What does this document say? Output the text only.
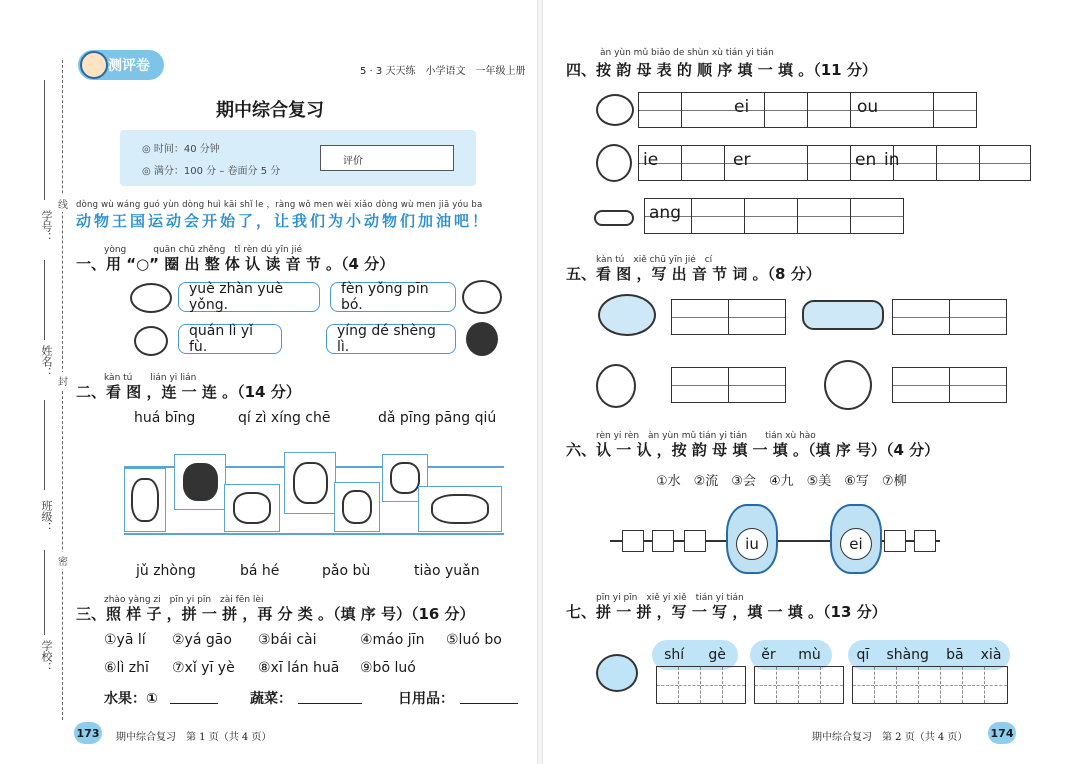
学号：
姓名：
班级：
学校：
线
封
密
测评卷	5 · 3 天天练　小学语文　一年级上册
期中综合复习
◎ 时间：40 分钟
◎ 满分：100 分 – 卷面分 5 分
评价
dòng wù wáng guó yùn dòng huì kāi shǐ le ，ràng wǒ men wèi xiǎo dòng wù men jiā yóu ba
动物王国运动会开始了，让我们为小动物们加油吧！
yòng　　　quān chū zhěng　tǐ rèn dú yīn jié
一、用 “○” 圈 出 整 体 认 读 音 节 。（4 分）
yuè zhàn yuè yǒng.
fèn yǒng pīn bó.
quán lì yǐ fù.
yíng dé shèng lì.
kàn tú　　lián yi lián
二、看 图 ，连 一 连 。（14 分）
huá bīng	qí zì xíng chē	dǎ pīng pāng qiú
jǔ zhòng	bá hé	pǎo bù	tiào yuǎn
zhào yàng zi　pīn yi pīn　zài fēn lèi
三、照 样 子 ，拼 一 拼 ，再 分 类 。（填 序 号）（16 分）
①yā lí ②yá gāo ③bái cài	④máo jīn ⑤luó bo
⑥lì zhī ⑦xǐ yī yè ⑧xī lán huā ⑨bō luó
水果：①	蔬菜：	日用品：
173 期中综合复习　第 1 页（共 4 页）
àn yùn mǔ biǎo de shùn xù tián yi tián
四、按 韵 母 表 的 顺 序 填 一 填 。（11 分）
ei	ou
ie	er	en in
ang
kàn tú　xiě chū yīn jié　cí
五、看 图 ，写 出 音 节 词 。（8 分）
rèn yi rèn　àn yùn mǔ tián yi tián　　tián xù hào
六、认 一 认 ，按 韵 母 填 一 填 。（填 序 号）（4 分）
①水　②流　③会　④九　⑤美　⑥写　⑦柳
iu	ei
pīn yi pīn　xiě yi xiě　tián yi tián
七、拼 一 拼 ，写 一 写 ，填 一 填 。（13 分）
shí gè	ěr mù	qī shàng bā xià
期中综合复习　第 2 页（共 4 页） 174
